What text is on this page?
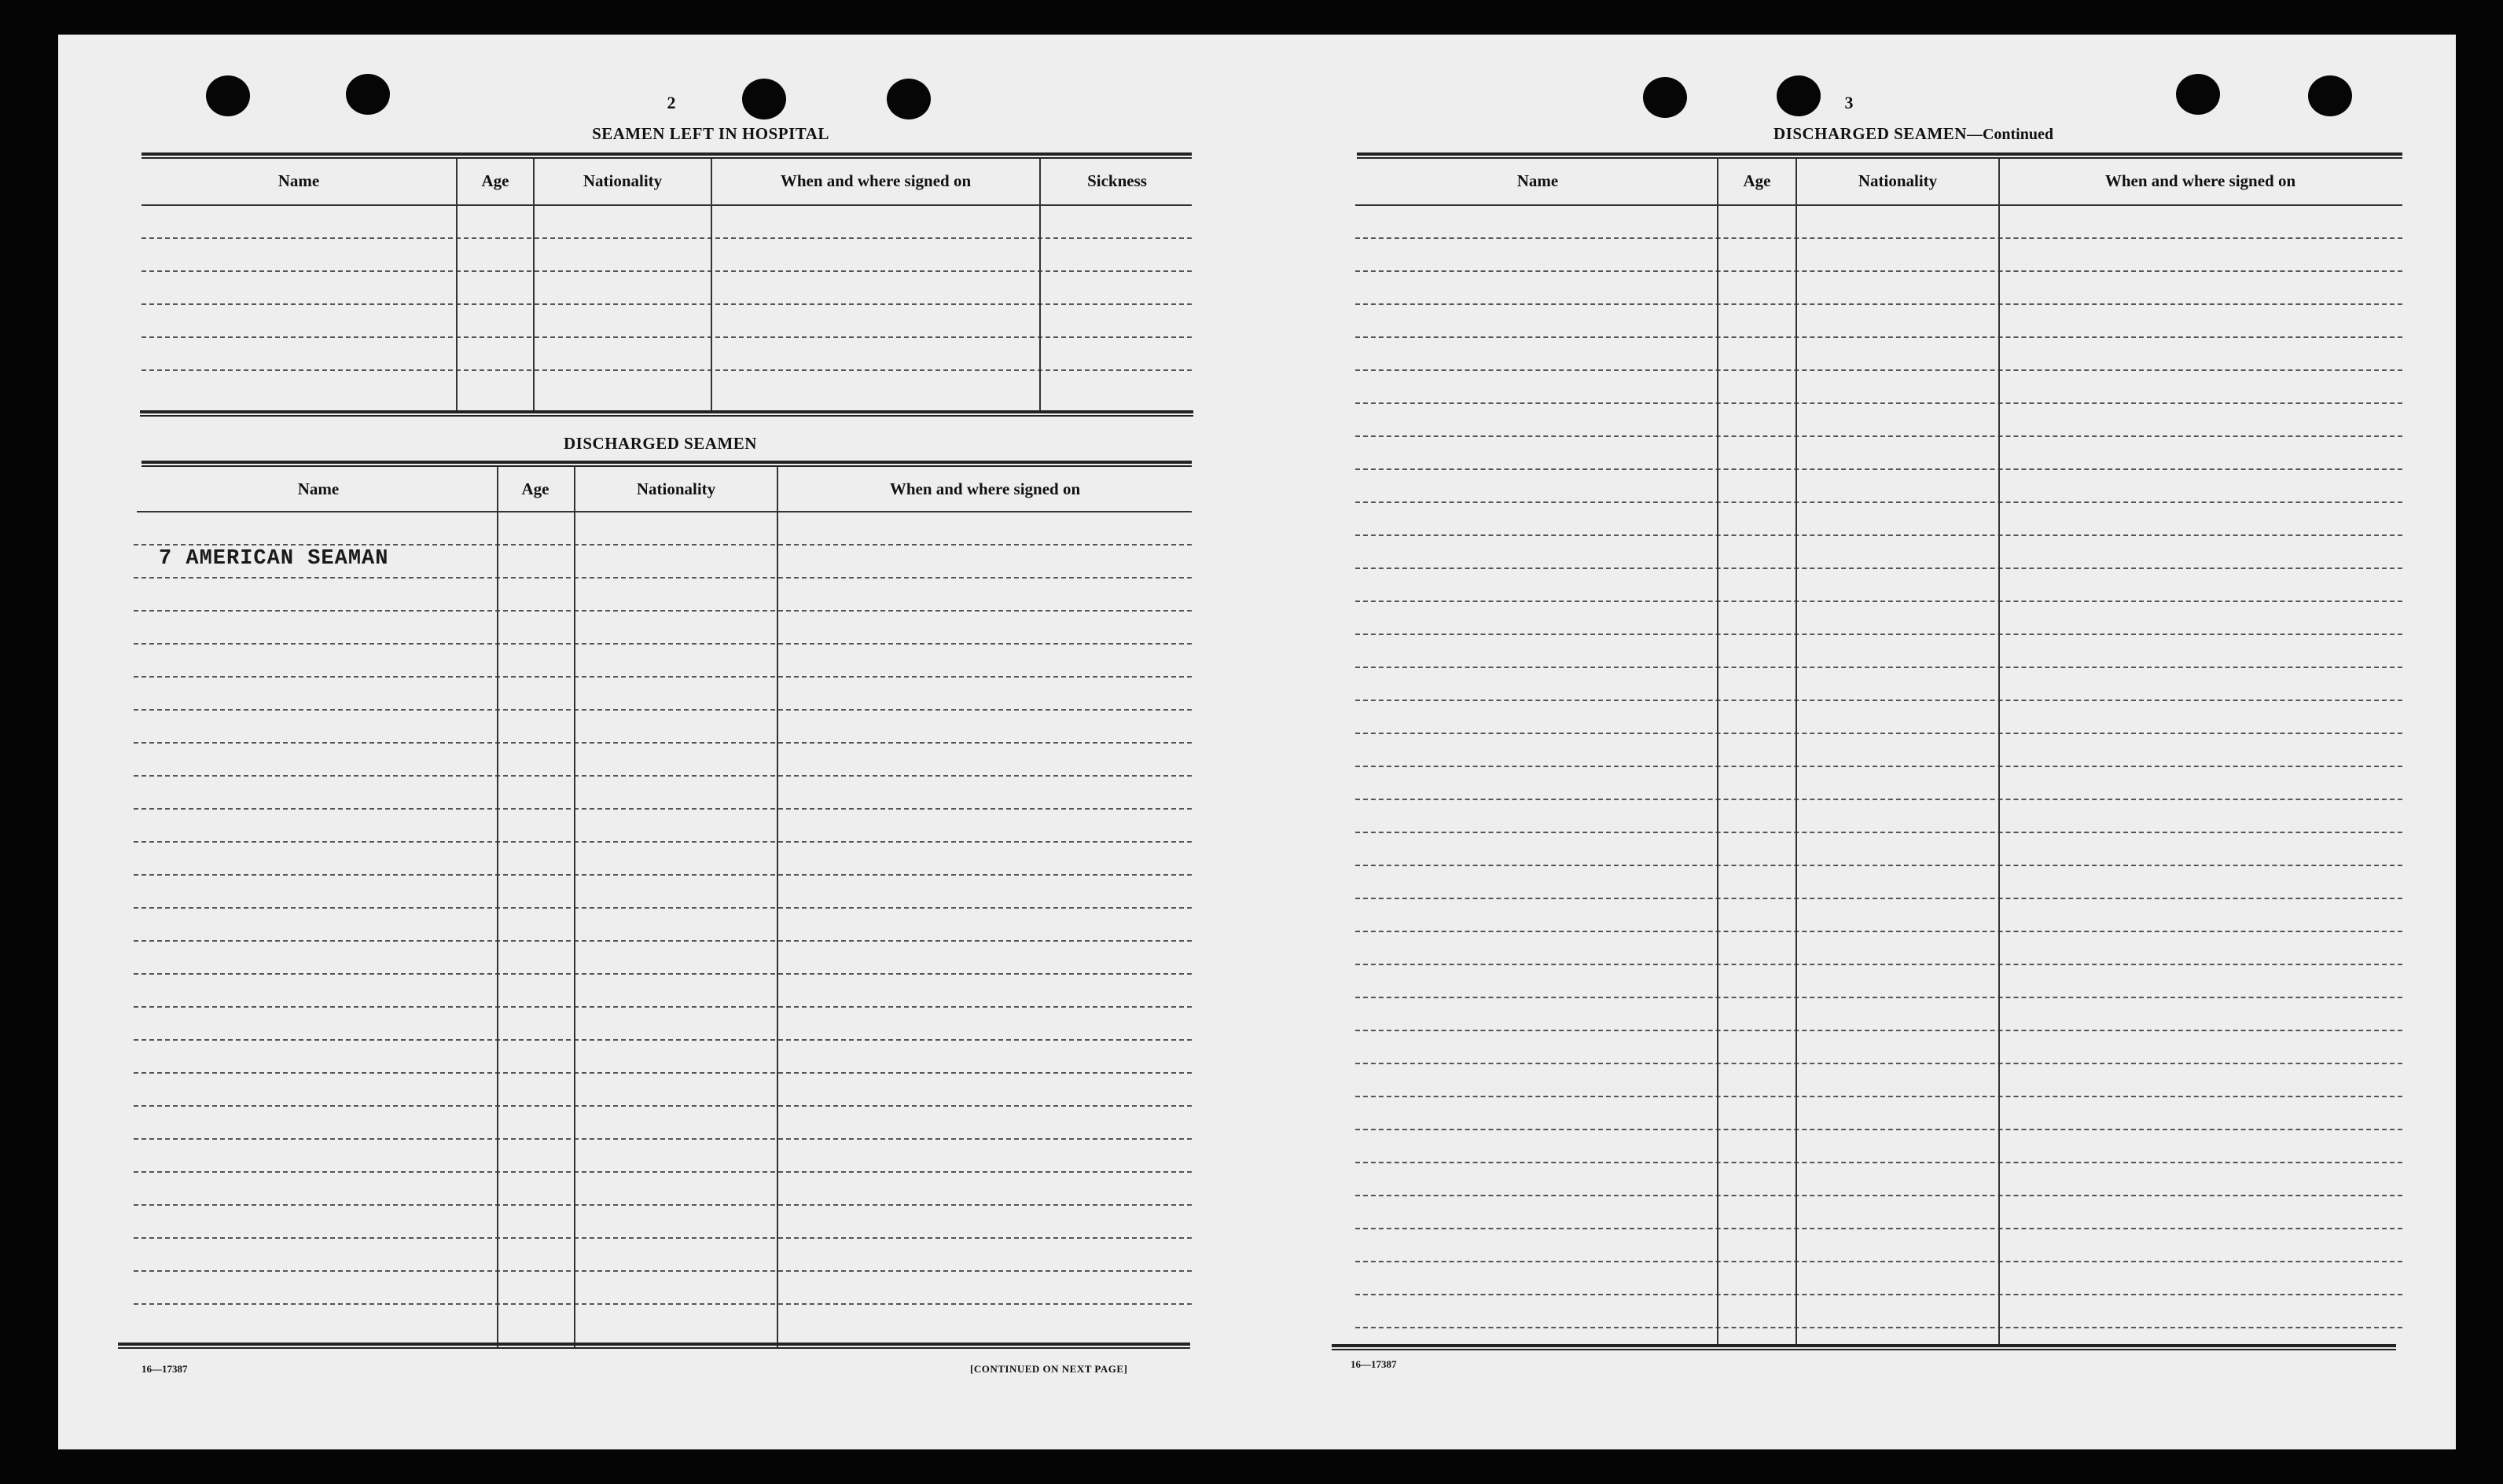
2
SEAMEN LEFT IN HOSPITAL
Name	Age	Nationality	When and where signed on	Sickness
DISCHARGED SEAMEN
Name	Age	Nationality	When and where signed on
7 AMERICAN SEAMAN
16—17387	[CONTINUED ON NEXT PAGE]
3
DISCHARGED SEAMEN—Continued
Name	Age	Nationality	When and where signed on
16—17387
